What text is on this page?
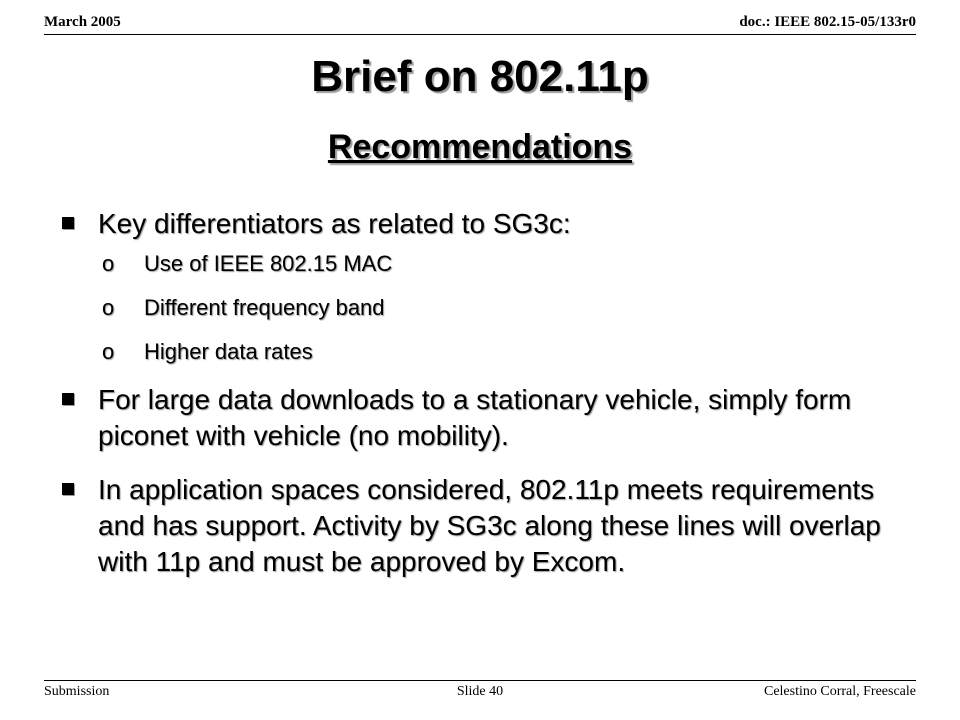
March 2005	doc.: IEEE 802.15-05/133r0
Brief on 802.11p
Recommendations
Key differentiators as related to SG3c:
o Use of IEEE 802.15 MAC
o Different frequency band
o Higher data rates
For large data downloads to a stationary vehicle, simply form piconet with vehicle (no mobility).
In application spaces considered, 802.11p meets requirements and has support. Activity by SG3c along these lines will overlap with 11p and must be approved by Excom.
Submission	Slide 40	Celestino Corral, Freescale
